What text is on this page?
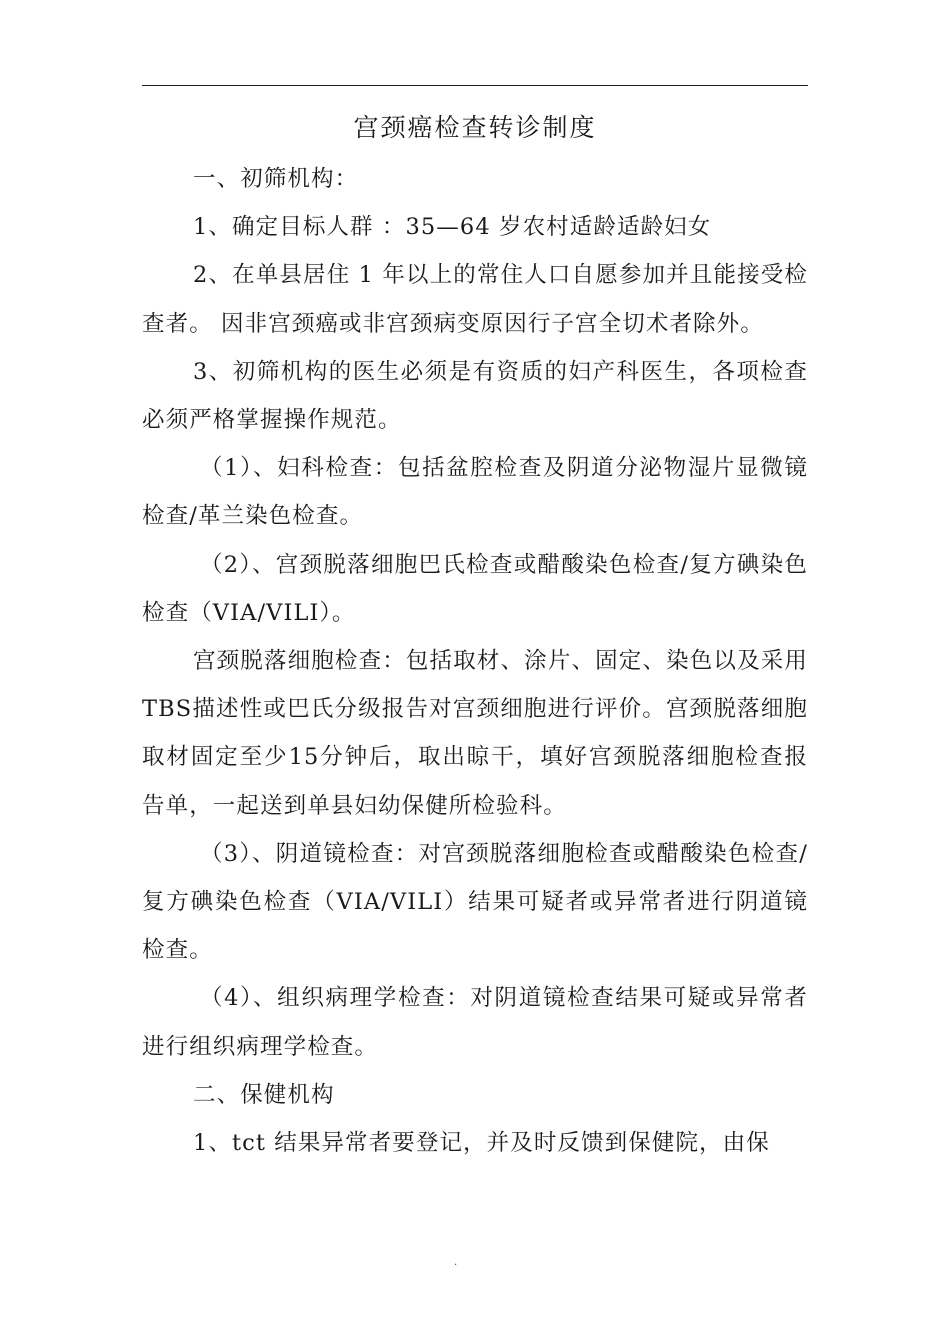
宫颈癌检查转诊制度

一、初筛机构：

1、确定目标人群 ：35—64 岁农村适龄适龄妇女

2、在单县居住 1 年以上的常住人口自愿参加并且能接受检查者。 因非宫颈癌或非宫颈病变原因行子宫全切术者除外。

3、初筛机构的医生必须是有资质的妇产科医生，各项检查必须严格掌握操作规范。

（1）、妇科检查：包括盆腔检查及阴道分泌物湿片显微镜检查/革兰染色检查。

（2）、宫颈脱落细胞巴氏检查或醋酸染色检查/复方碘染色检查（VIA/VILI）。

宫颈脱落细胞检查：包括取材、涂片、固定、染色以及采用TBS描述性或巴氏分级报告对宫颈细胞进行评价。宫颈脱落细胞取材固定至少15分钟后，取出晾干，填好宫颈脱落细胞检查报告单，一起送到单县妇幼保健所检验科。

（3）、阴道镜检查：对宫颈脱落细胞检查或醋酸染色检查/复方碘染色检查（VIA/VILI）结果可疑者或异常者进行阴道镜检查。

（4）、组织病理学检查：对阴道镜检查结果可疑或异常者进行组织病理学检查。

二、保健机构

1、tct 结果异常者要登记，并及时反馈到保健院，由保

.
